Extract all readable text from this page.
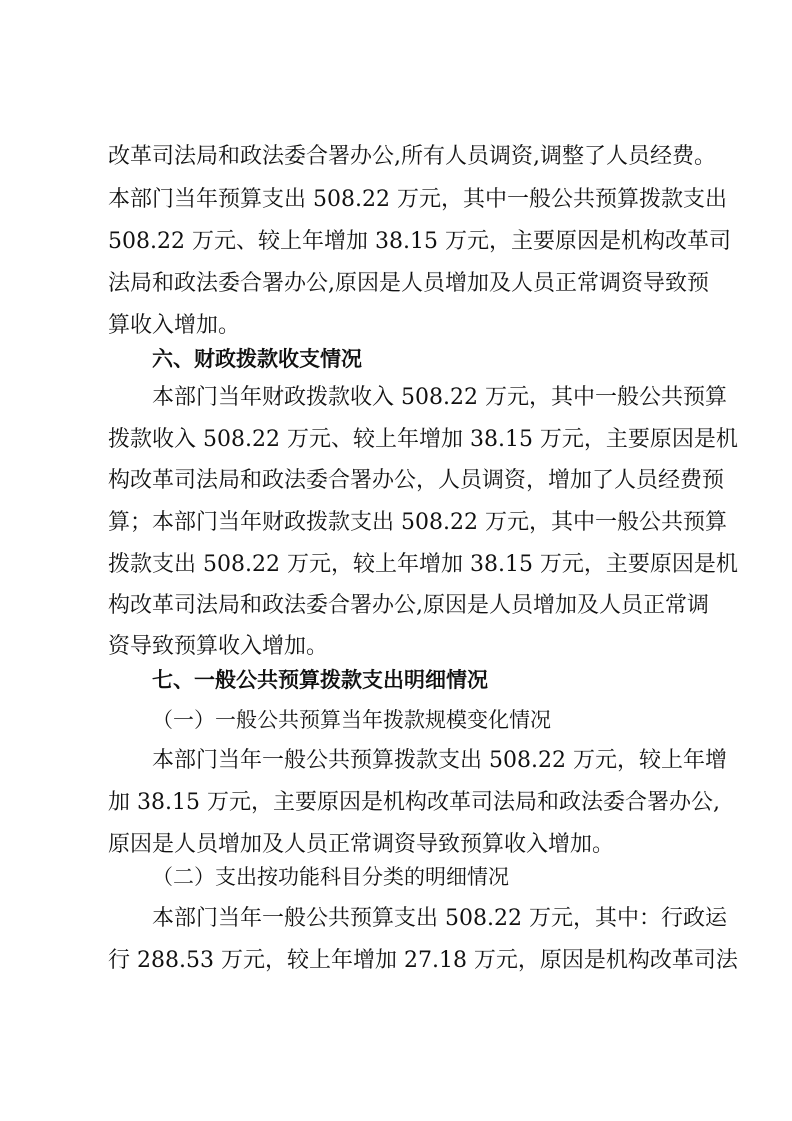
改革司法局和政法委合署办公,所有人员调资,调整了人员经费。
本部门当年预算支出 508.22 万元，其中一般公共预算拨款支出
508.22 万元、较上年增加 38.15 万元，主要原因是机构改革司
法局和政法委合署办公,原因是人员增加及人员正常调资导致预
算收入增加。
六、财政拨款收支情况
本部门当年财政拨款收入 508.22 万元，其中一般公共预算
拨款收入 508.22 万元、较上年增加 38.15 万元，主要原因是机
构改革司法局和政法委合署办公，人员调资，增加了人员经费预
算；本部门当年财政拨款支出 508.22 万元，其中一般公共预算
拨款支出 508.22 万元，较上年增加 38.15 万元，主要原因是机
构改革司法局和政法委合署办公,原因是人员增加及人员正常调
资导致预算收入增加。
七、一般公共预算拨款支出明细情况
（一）一般公共预算当年拨款规模变化情况
本部门当年一般公共预算拨款支出 508.22 万元，较上年增
加 38.15 万元，主要原因是机构改革司法局和政法委合署办公,
原因是人员增加及人员正常调资导致预算收入增加。
（二）支出按功能科目分类的明细情况
本部门当年一般公共预算支出 508.22 万元，其中：行政运
行 288.53 万元，较上年增加 27.18 万元，原因是机构改革司法
